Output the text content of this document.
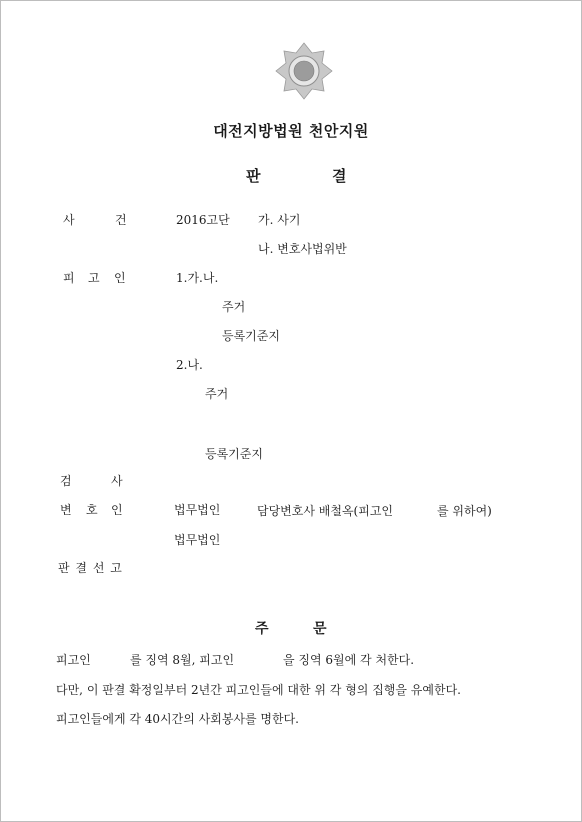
대전지방법원 천안지원
판	결
사	건	2016고단 가. 사기
나. 변호사법위반
피 고 인	1.가.나.
주거
등록기준지
2.나.
주거
등록기준지
검	사
변 호 인	법무법인	담당변호사 배철옥(피고인	를 위하여)
법무법인
판 결 선 고
주	문
피고인	를 징역 8월, 피고인	을 징역 6월에 각 처한다.
다만, 이 판결 확정일부터 2년간 피고인들에 대한 위 각 형의 집행을 유예한다.
피고인들에게 각 40시간의 사회봉사를 명한다.
